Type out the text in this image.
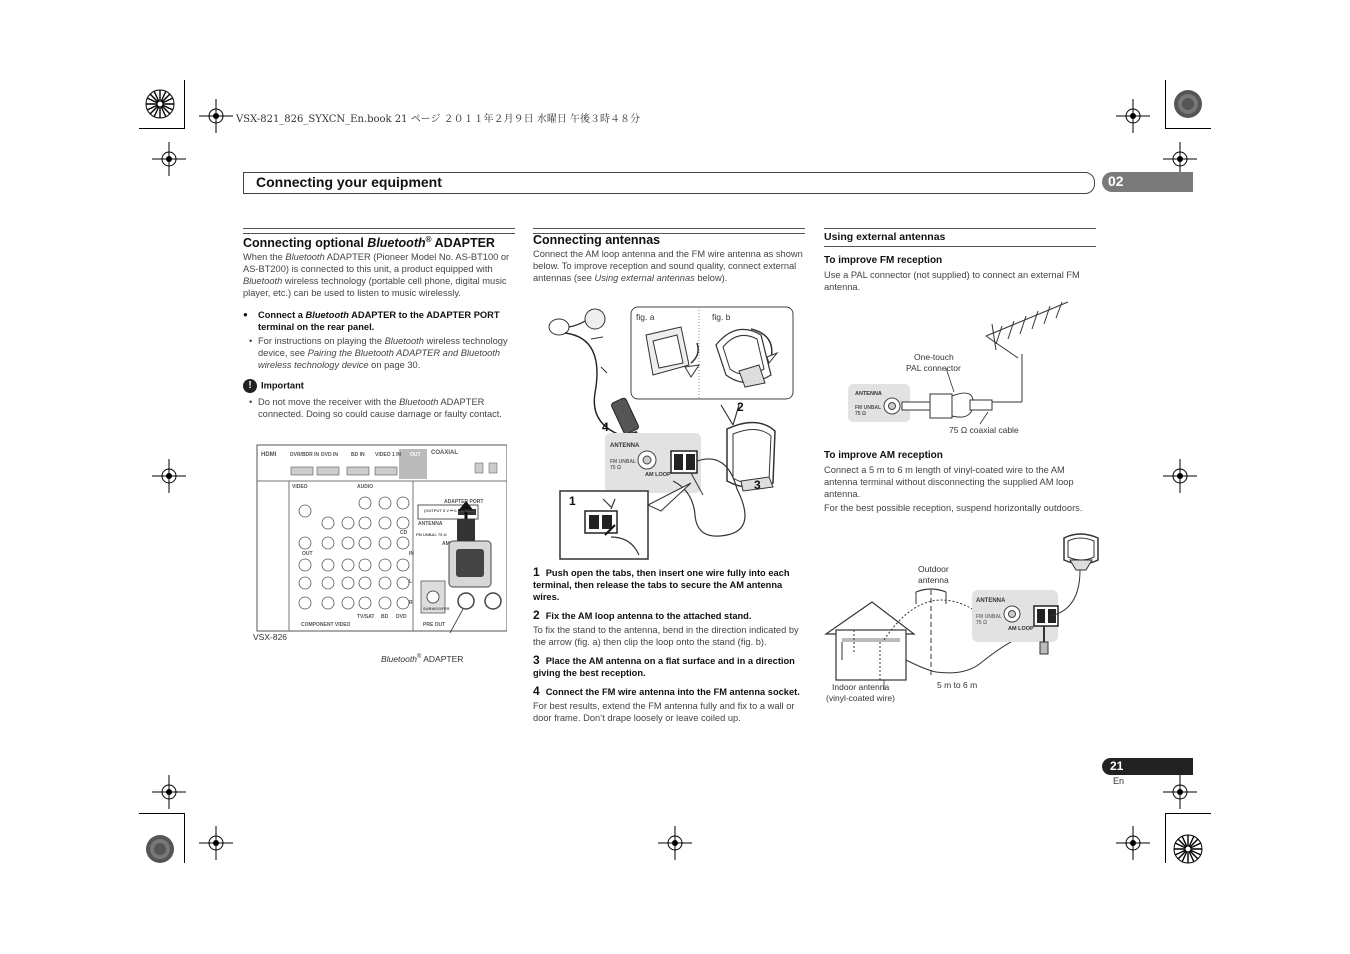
VSX-821_826_SYXCN_En.book 21 ページ ２０１１年２月９日 水曜日 午後３時４８分
Connecting your equipment	02
Connecting optional Bluetooth® ADAPTER

When the Bluetooth ADAPTER (Pioneer Model No. AS-BT100 or AS-BT200) is connected to this unit, a product equipped with Bluetooth wireless technology (portable cell phone, digital music player, etc.) can be used to listen to music wirelessly.

● Connect a Bluetooth ADAPTER to the ADAPTER PORT terminal on the rear panel.

• For instructions on playing the Bluetooth wireless technology device, see Pairing the Bluetooth ADAPTER and Bluetooth wireless technology device on page 30.

! Important

• Do not move the receiver with the Bluetooth ADAPTER connected. Doing so could cause damage or faulty contact.

HDMI	DVR/BDR IN DVD IN	BD IN VIDEO 1 IN OUT COAXIAL
VIDEO	AUDIO
ADAPTER PORT
(OUTPUT 5 V ⎓ 0.1 A MAX)
ANTENNA
FM UNBAL 75 Ω
AM
CD
IN
OUT
L
R
SUBWOOFER
TV/SAT BD DVD
COMPONENT VIDEO	PRE OUT
VSX-826
Bluetooth® ADAPTER
Connecting antennas

Connect the AM loop antenna and the FM wire antenna as shown below. To improve reception and sound quality, connect external antennas (see Using external antennas below).

fig. a	fig. b
4
2
3
1
ANTENNA
FM UNBAL
75 Ω
AM LOOP

1 Push open the tabs, then insert one wire fully into each terminal, then release the tabs to secure the AM antenna wires.

2 Fix the AM loop antenna to the attached stand.

To fix the stand to the antenna, bend in the direction indicated by the arrow (fig. a) then clip the loop onto the stand (fig. b).

3 Place the AM antenna on a flat surface and in a direction giving the best reception.

4 Connect the FM wire antenna into the FM antenna socket.

For best results, extend the FM antenna fully and fix to a wall or door frame. Don’t drape loosely or leave coiled up.

Using external antennas

To improve FM reception

Use a PAL connector (not supplied) to connect an external FM antenna.

One-touch
PAL connector
75 Ω coaxial cable
ANTENNA
FM UNBAL
75 Ω

To improve AM reception

Connect a 5 m to 6 m length of vinyl-coated wire to the AM antenna terminal without disconnecting the supplied AM loop antenna.

For the best possible reception, suspend horizontally outdoors.

Outdoor
antenna
ANTENNA
FM UNBAL
75 Ω
AM LOOP
Indoor antenna
(vinyl-coated wire)
5 m to 6 m
21
En
